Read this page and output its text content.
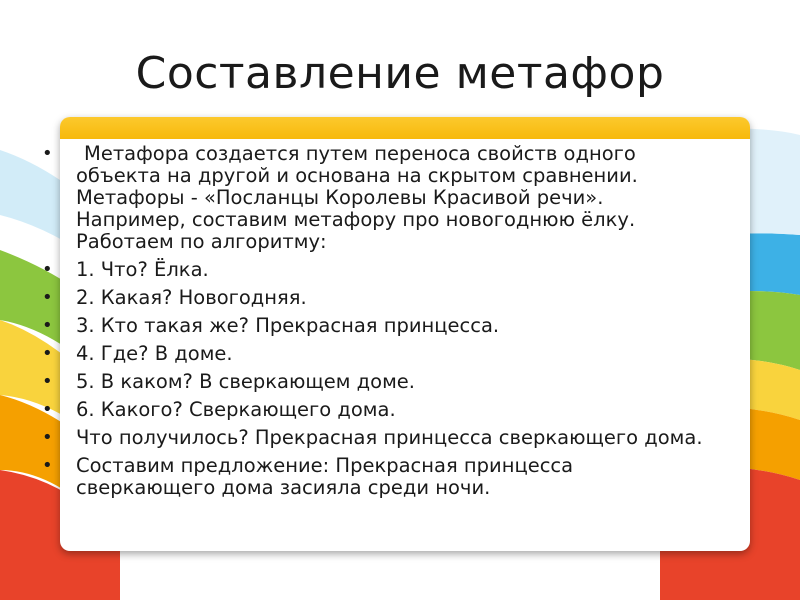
Составление метафор
•	Метафора создается путем переноса свойств одного объекта на другой и основана на скрытом сравнении. Метафоры - «Посланцы Королевы Красивой речи». Например, составим метафору про новогоднюю ёлку. Работаем по алгоритму:
• 1. Что? Ёлка.
• 2. Какая? Новогодняя.
• 3. Кто такая же? Прекрасная принцесса.
• 4. Где? В доме.
• 5. В каком? В сверкающем доме.
• 6. Какого? Сверкающего дома.
• Что получилось? Прекрасная принцесса сверкающего дома.
• Составим предложение: Прекрасная принцесса сверкающего дома засияла среди ночи.
